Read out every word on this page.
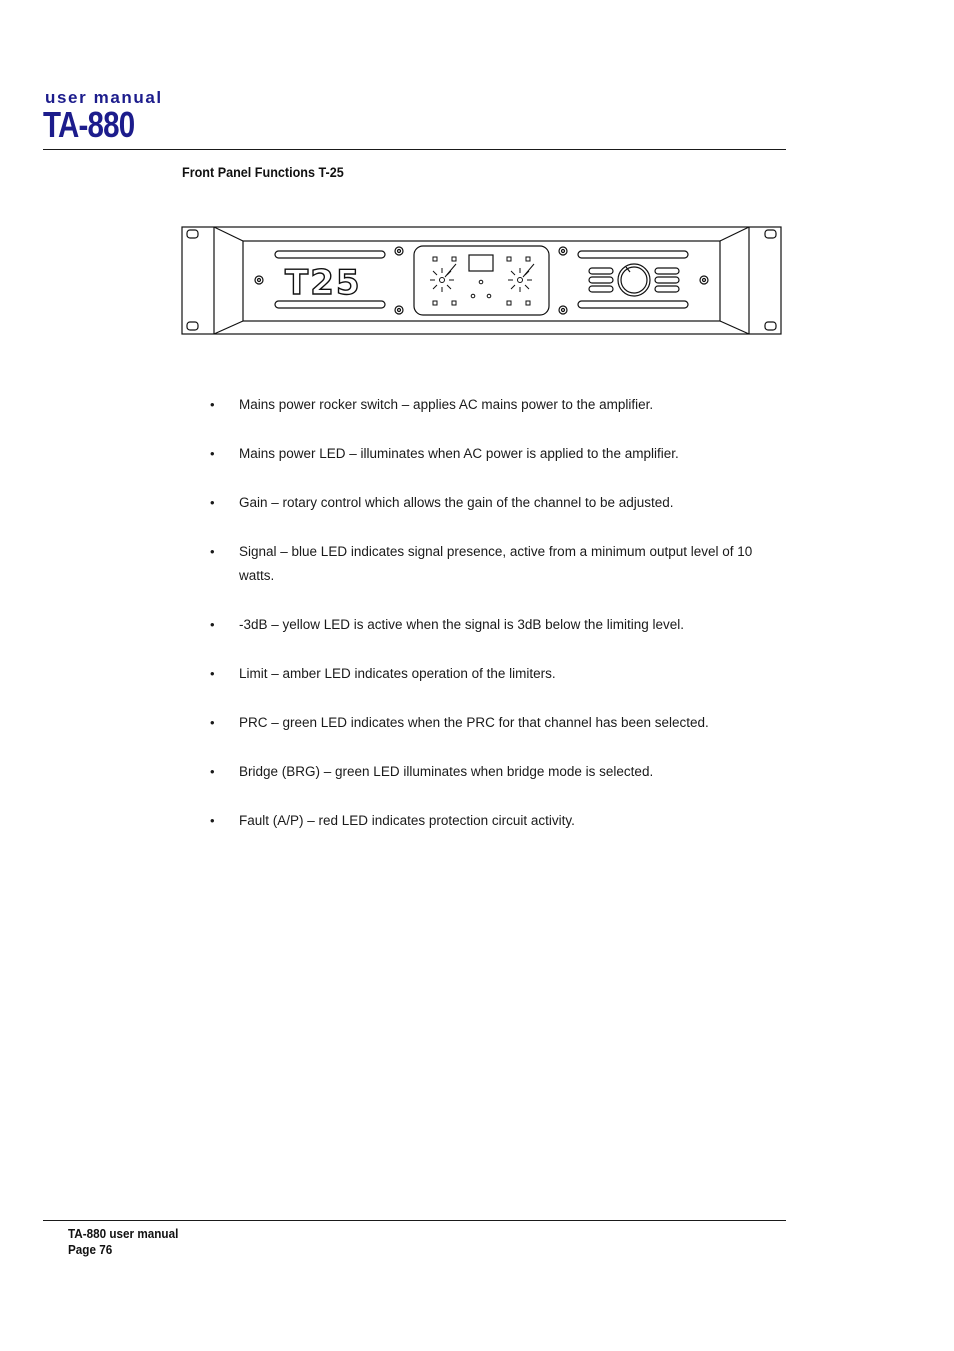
user manual
TA-880
Front Panel Functions T-25
T25
• Mains power rocker switch – applies AC mains power to the amplifier.
• Mains power LED – illuminates when AC power is applied to the amplifier.
• Gain – rotary control which allows the gain of the channel to be adjusted.
• Signal – blue LED indicates signal presence, active from a minimum output level of 10 watts.
• -3dB – yellow LED is active when the signal is 3dB below the limiting level.
• Limit – amber LED indicates operation of the limiters.
• PRC – green LED indicates when the PRC for that channel has been selected.
• Bridge (BRG) – green LED illuminates when bridge mode is selected.
• Fault (A/P) – red LED indicates protection circuit activity.
TA-880 user manual
Page 76
